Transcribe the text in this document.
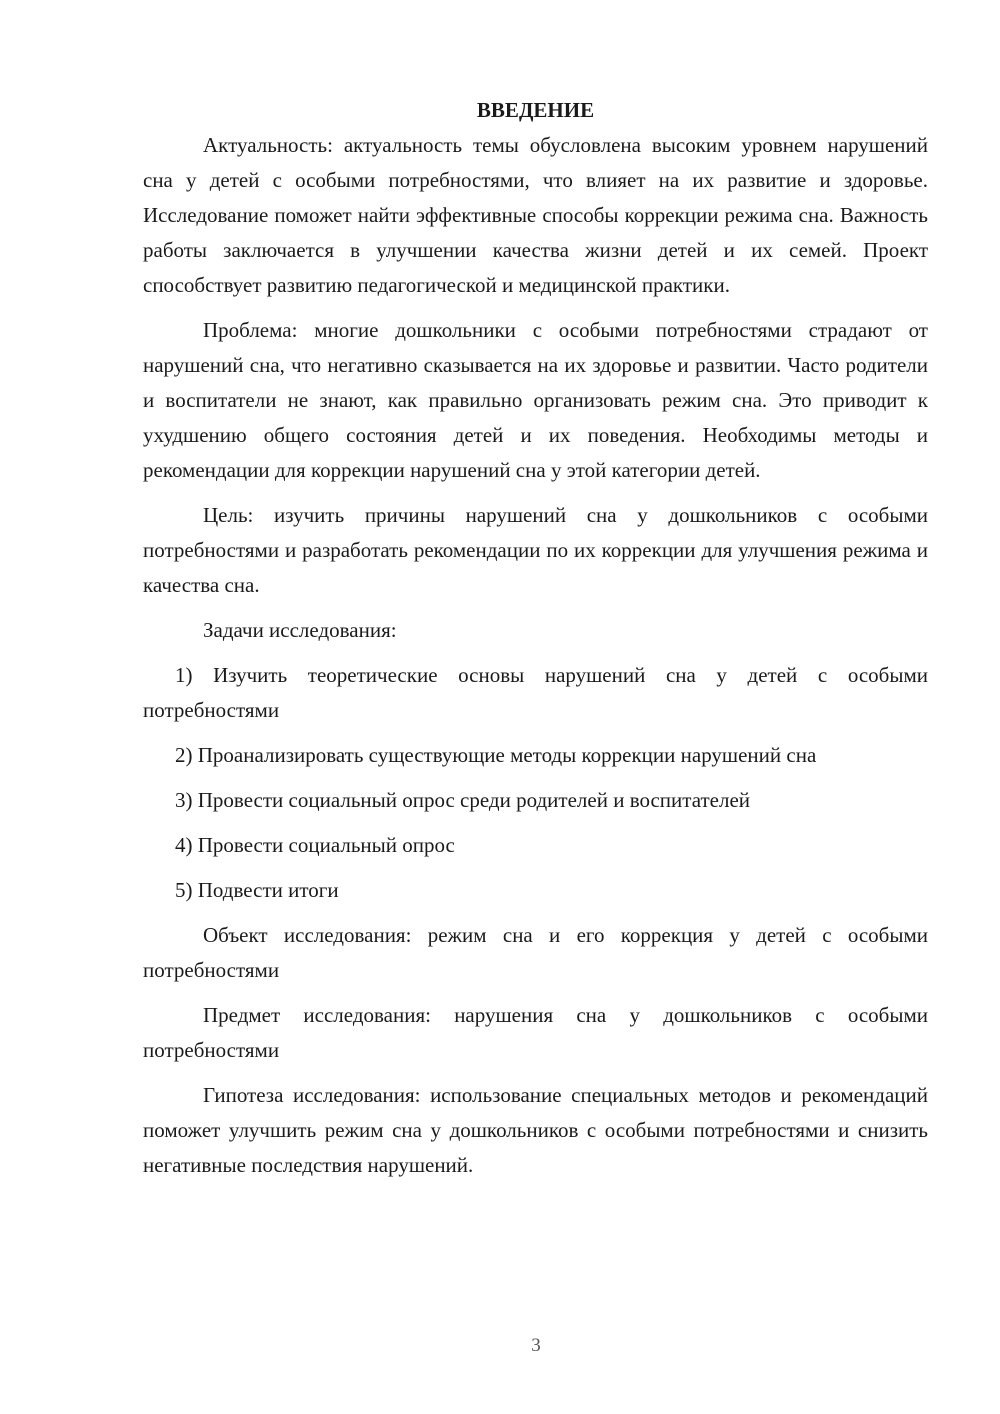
ВВЕДЕНИЕ

Актуальность: актуальность темы обусловлена высоким уровнем нарушений сна у детей с особыми потребностями, что влияет на их развитие и здоровье. Исследование поможет найти эффективные способы коррекции режима сна. Важность работы заключается в улучшении качества жизни детей и их семей. Проект способствует развитию педагогической и медицинской практики.

Проблема: многие дошкольники с особыми потребностями страдают от нарушений сна, что негативно сказывается на их здоровье и развитии. Часто родители и воспитатели не знают, как правильно организовать режим сна. Это приводит к ухудшению общего состояния детей и их поведения. Необходимы методы и рекомендации для коррекции нарушений сна у этой категории детей.

Цель: изучить причины нарушений сна у дошкольников с особыми потребностями и разработать рекомендации по их коррекции для улучшения режима и качества сна.

Задачи исследования:

1) Изучить теоретические основы нарушений сна у детей с особыми потребностями

2) Проанализировать существующие методы коррекции нарушений сна

3) Провести социальный опрос среди родителей и воспитателей

4) Провести социальный опрос

5) Подвести итоги

Объект исследования: режим сна и его коррекция у детей с особыми потребностями

Предмет исследования: нарушения сна у дошкольников с особыми потребностями

Гипотеза исследования: использование специальных методов и рекомендаций поможет улучшить режим сна у дошкольников с особыми потребностями и снизить негативные последствия нарушений.

3
